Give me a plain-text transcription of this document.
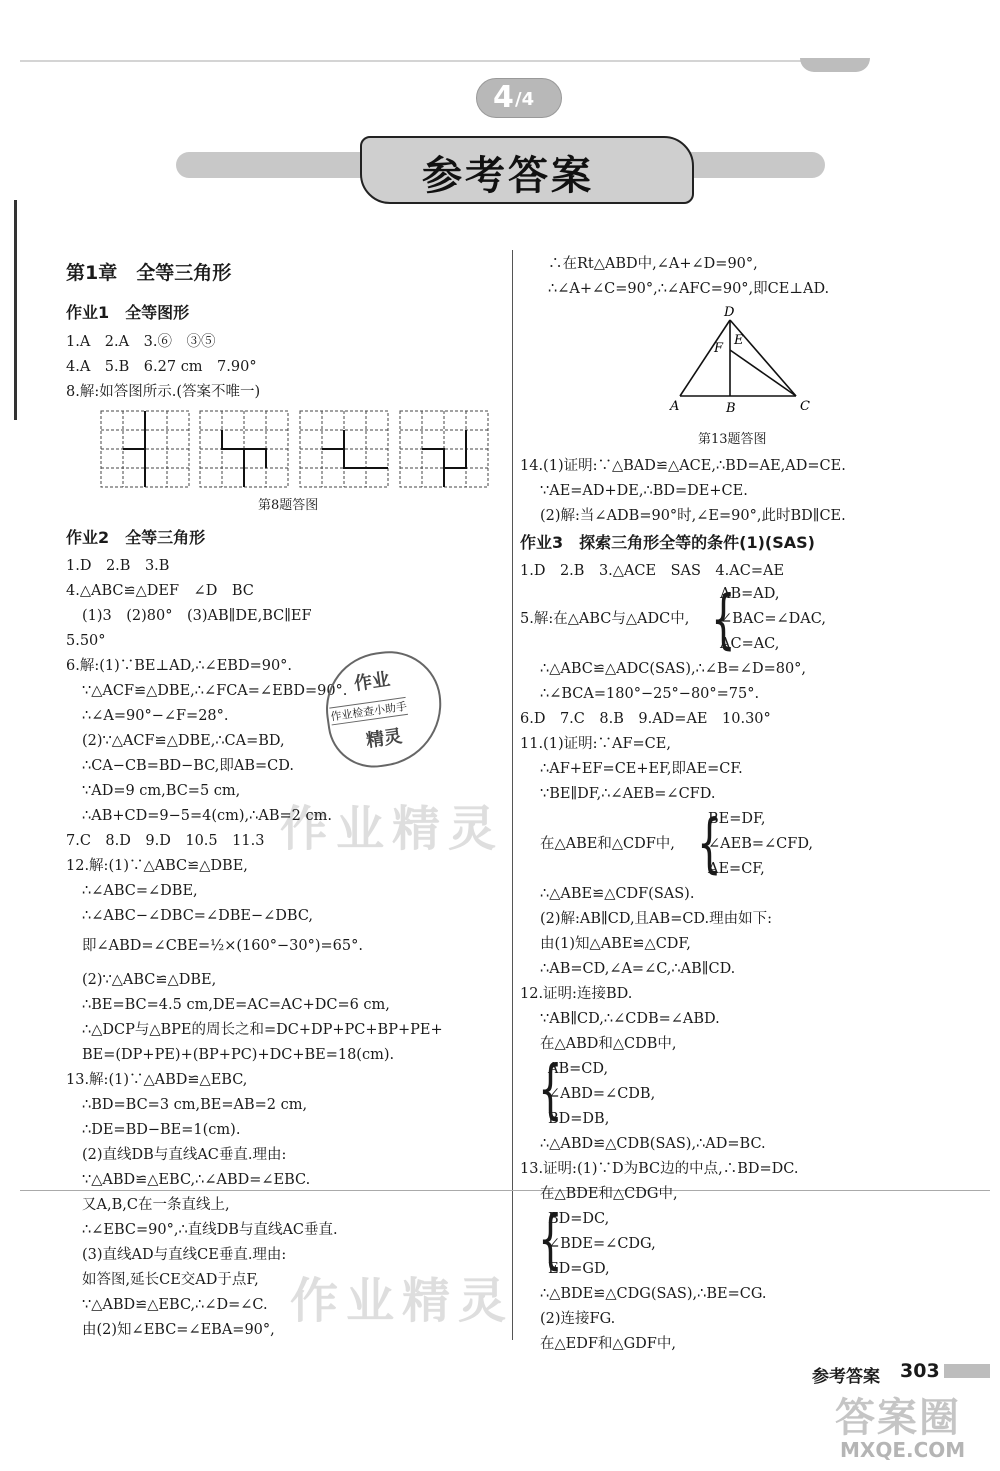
4 /4
参考答案
作业精灵
作业精灵
第1章　全等三角形
作业1　全等图形
1.A　2.A　3.⑥　③⑤
4.A　5.B　6.27 cm　7.90°
8.解:如答图所示.(答案不唯一)
第8题答图
作业2　全等三角形
1.D　2.B　3.B
4.△ABC≌△DEF　∠D　BC
(1)3　(2)80°　(3)AB∥DE,BC∥EF
5.50°
6.解:(1)∵BE⊥AD,∴∠EBD=90°.
∵△ACF≌△DBE,∴∠FCA=∠EBD=90°.
∴∠A=90°−∠F=28°.
(2)∵△ACF≌△DBE,∴CA=BD,
∴CA−CB=BD−BC,即AB=CD.
∵AD=9 cm,BC=5 cm,
∴AB+CD=9−5=4(cm),∴AB=2 cm.
7.C　8.D　9.D　10.5　11.3
12.解:(1)∵△ABC≌△DBE,
∴∠ABC=∠DBE,
∴∠ABC−∠DBC=∠DBE−∠DBC,
即∠ABD=∠CBE=½×(160°−30°)=65°.
(2)∵△ABC≌△DBE,
∴BE=BC=4.5 cm,DE=AC=AC+DC=6 cm,
∴△DCP与△BPE的周长之和=DC+DP+PC+BP+PE+
BE=(DP+PE)+(BP+PC)+DC+BE=18(cm).
13.解:(1)∵△ABD≌△EBC,
∴BD=BC=3 cm,BE=AB=2 cm,
∴DE=BD−BE=1(cm).
(2)直线DB与直线AC垂直.理由:
∵△ABD≌△EBC,∴∠ABD=∠EBC.
又A,B,C在一条直线上,
∴∠EBC=90°,∴直线DB与直线AC垂直.
(3)直线AD与直线CE垂直.理由:
如答图,延长CE交AD于点F,
∵△ABD≌△EBC,∴∠D=∠C.
由(2)知∠EBC=∠EBA=90°,
作业
作业检查小助手
精灵
∴在Rt△ABD中,∠A+∠D=90°,
∴∠A+∠C=90°,∴∠AFC=90°,即CE⊥AD.
D
F
E
A	B	C
第13题答图
14.(1)证明:∵△BAD≌△ACE,∴BD=AE,AD=CE.
∵AE=AD+DE,∴BD=DE+CE.
(2)解:当∠ADB=90°时,∠E=90°,此时BD∥CE.
作业3　探索三角形全等的条件(1)(SAS)
1.D　2.B　3.△ACE　SAS　4.AC=AE
5.解:在△ABC与△ADC中, {
AB=AD,
∠BAC=∠DAC,
AC=AC,
∴△ABC≌△ADC(SAS),∴∠B=∠D=80°,
∴∠BCA=180°−25°−80°=75°.
6.D　7.C　8.B　9.AD=AE　10.30°
11.(1)证明:∵AF=CE,
∴AF+EF=CE+EF,即AE=CF.
∵BE∥DF,∴∠AEB=∠CFD.
BE=DF,
在△ABE和△CDF中, {
∠AEB=∠CFD,
AE=CF,
∴△ABE≌△CDF(SAS).
(2)解:AB∥CD,且AB=CD.理由如下:
由(1)知△ABE≌△CDF,
∴AB=CD,∠A=∠C,∴AB∥CD.
12.证明:连接BD.
∵AB∥CD,∴∠CDB=∠ABD.
在△ABD和△CDB中,
{
AB=CD,
∠ABD=∠CDB,
BD=DB,
∴△ABD≌△CDB(SAS),∴AD=BC.
13.证明:(1)∵D为BC边的中点,∴BD=DC.
在△BDE和△CDG中,
{
BD=DC,
∠BDE=∠CDG,
ED=GD,
∴△BDE≌△CDG(SAS),∴BE=CG.
(2)连接FG.
在△EDF和△GDF中,
参考答案 303
答案圈
MXQE.COM
